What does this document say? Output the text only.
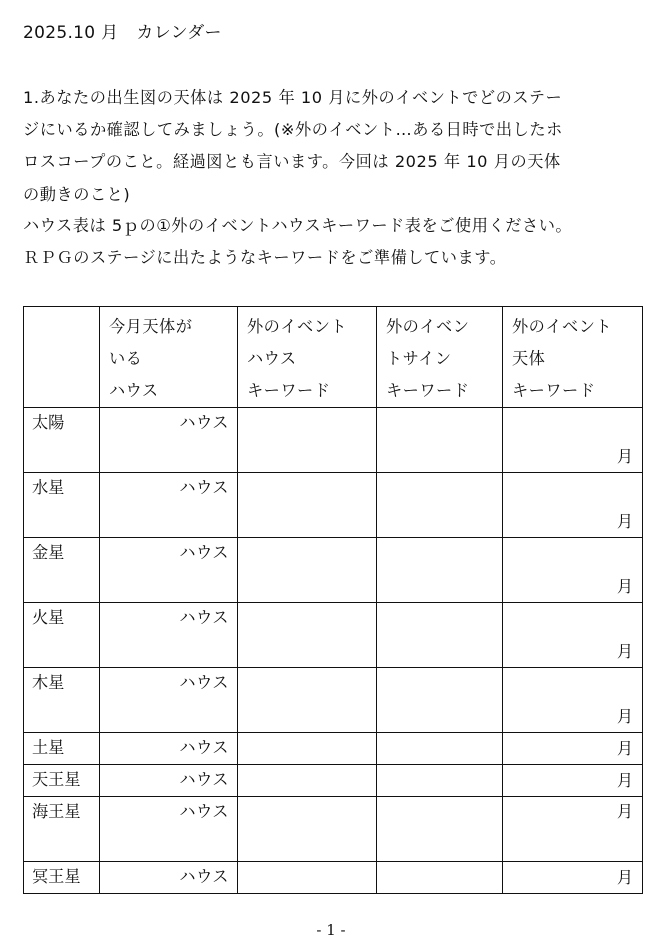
2025.10 月 カレンダー
1.あなたの出生図の天体は 2025 年 10 月に外のイベントでどのステー
ジにいるか確認してみましょう。(※外のイベント…ある日時で出したホ
ロスコープのこと。経過図とも言います。今回は 2025 年 10 月の天体
の動きのこと)
ハウス表は 5ｐの①外のイベントハウスキーワード表をご使用ください。
ＲＰＧのステージに出たようなキーワードをご準備しています。

	今月天体が
いる
ハウス	外のイベント
ハウス
キーワード	外のイベン
トサイン
キーワード	外のイベント
天体
キーワード

太陽	ハウス			月

水星	ハウス			月

金星	ハウス			月

火星	ハウス			月

木星	ハウス			月

土星	ハウス			月

天王星	ハウス			月

海王星	ハウス			月

冥王星	ハウス			月
- 1 -
